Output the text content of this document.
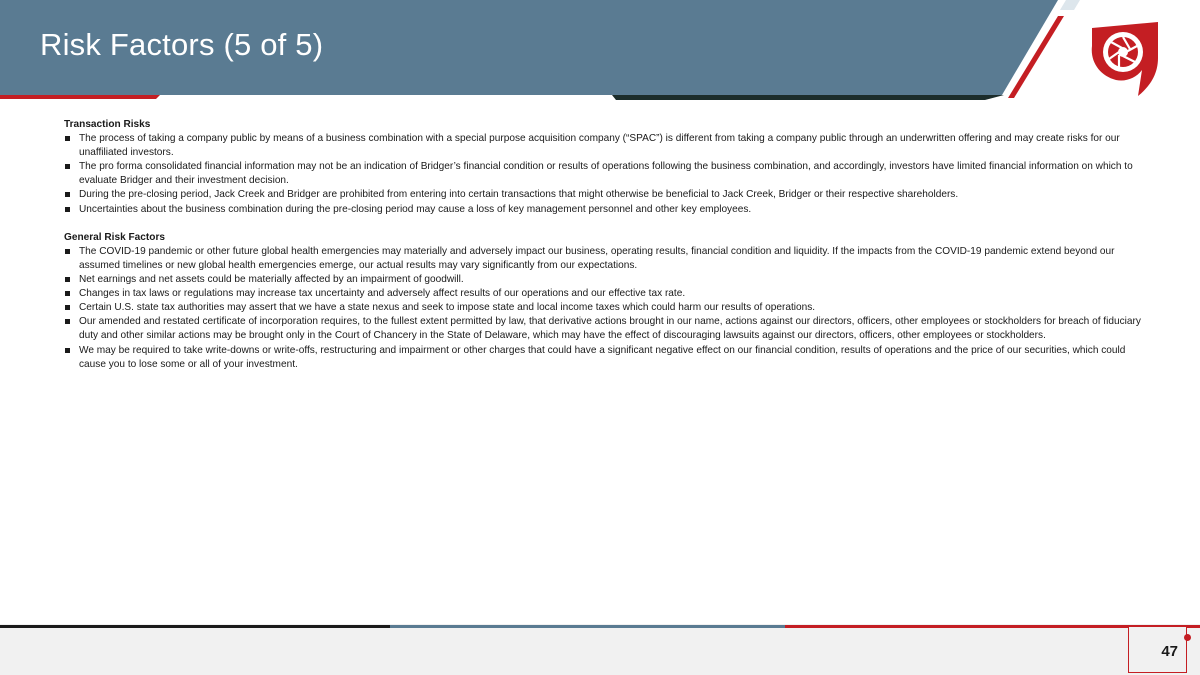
Risk Factors (5 of 5)

Transaction Risks

The process of taking a company public by means of a business combination with a special purpose acquisition company (“SPAC”) is different from taking a company public through an underwritten offering and may create risks for our unaffiliated investors.
The pro forma consolidated financial information may not be an indication of Bridger’s financial condition or results of operations following the business combination, and accordingly, investors have limited financial information on which to evaluate Bridger and their investment decision.
During the pre-closing period, Jack Creek and Bridger are prohibited from entering into certain transactions that might otherwise be beneficial to Jack Creek, Bridger or their respective shareholders.
Uncertainties about the business combination during the pre-closing period may cause a loss of key management personnel and other key employees.

General Risk Factors

The COVID-19 pandemic or other future global health emergencies may materially and adversely impact our business, operating results, financial condition and liquidity. If the impacts from the COVID-19 pandemic extend beyond our assumed timelines or new global health emergencies emerge, our actual results may vary significantly from our expectations.
Net earnings and net assets could be materially affected by an impairment of goodwill.
Changes in tax laws or regulations may increase tax uncertainty and adversely affect results of our operations and our effective tax rate.
Certain U.S. state tax authorities may assert that we have a state nexus and seek to impose state and local income taxes which could harm our results of operations.
Our amended and restated certificate of incorporation requires, to the fullest extent permitted by law, that derivative actions brought in our name, actions against our directors, officers, other employees or stockholders for breach of fiduciary duty and other similar actions may be brought only in the Court of Chancery in the State of Delaware, which may have the effect of discouraging lawsuits against our directors, officers, other employees or stockholders.
We may be required to take write-downs or write-offs, restructuring and impairment or other charges that could have a significant negative effect on our financial condition, results of operations and the price of our securities, which could cause you to lose some or all of your investment.
47
